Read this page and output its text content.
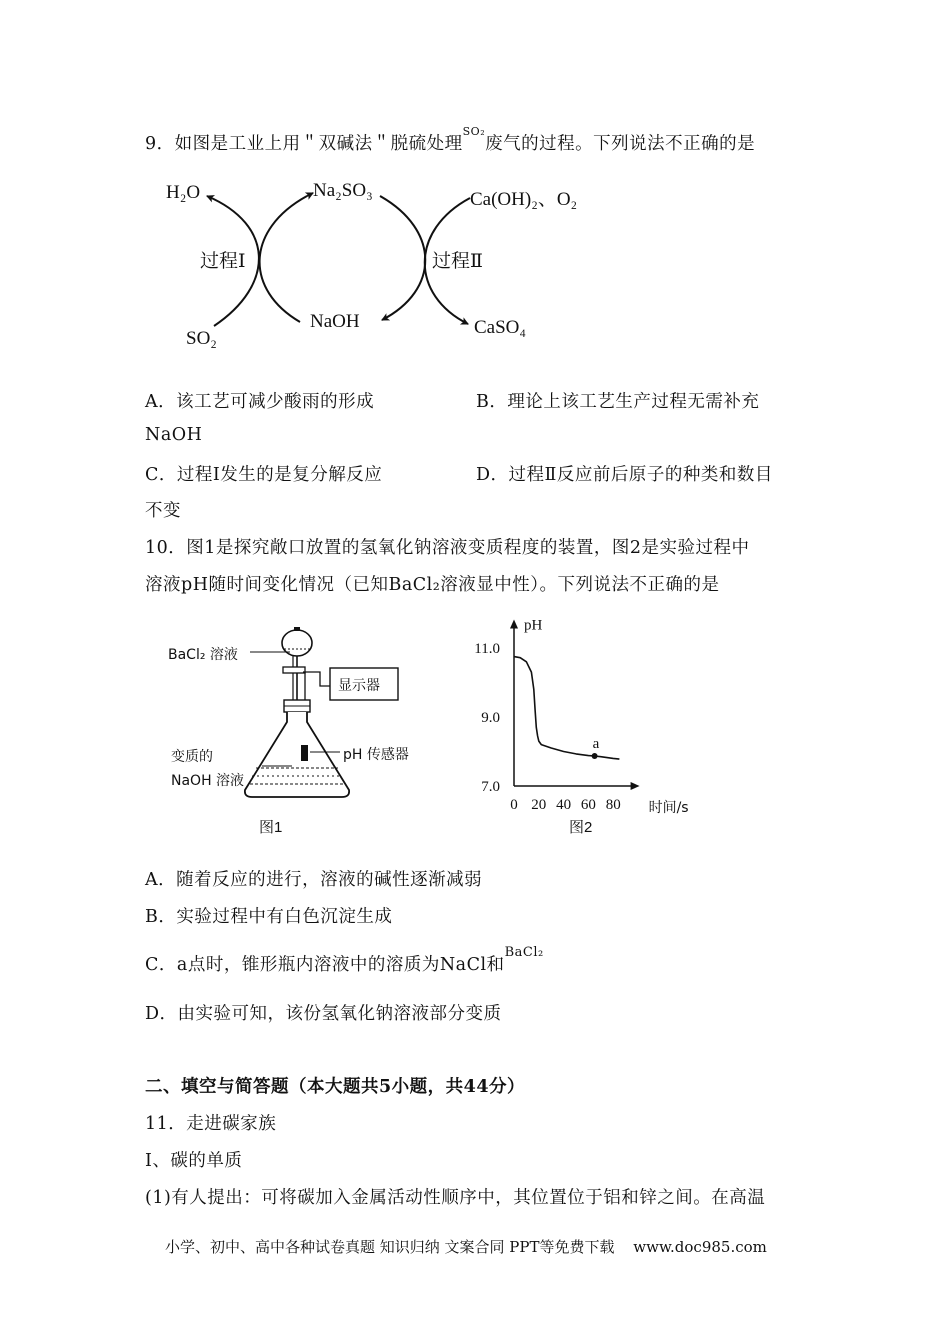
9．如图是工业上用＂双碱法＂脱硫处理$^{SO_2}$废气的过程。下列说法不正确的是
H₂O	Na₂SO₃	Ca(OH)₂、O₂
过程Ⅰ	过程Ⅱ
SO₂
NaOH	CaSO₄
A．该工艺可减少酸雨的形成	B．理论上该工艺生产过程无需补充
NaOH
C．过程Ⅰ发生的是复分解反应	D．过程Ⅱ反应前后原子的种类和数目
不变
10．图1是探究敞口放置的氢氧化钠溶液变质程度的装置，图2是实验过程中
溶液pH随时间变化情况（已知BaCl₂溶液显中性）。下列说法不正确的是
BaCl₂ 溶液
显示器
变质的
NaOH 溶液
pH 传感器
图1
pH
时间/s
7.0
9.0
11.0
0 20 40 60 80
a
图2
A．随着反应的进行，溶液的碱性逐渐减弱
B．实验过程中有白色沉淀生成
C．a点时，锥形瓶内溶液中的溶质为NaCl和$^{BaCl_2}$
D．由实验可知，该份氢氧化钠溶液部分变质
二、填空与简答题（本大题共5小题，共44分）
11．走进碳家族
Ⅰ、碳的单质
(1)有人提出：可将碳加入金属活动性顺序中，其位置位于铝和锌之间。在高温
小学、初中、高中各种试卷真题 知识归纳 文案合同 PPT等免费下载 www.doc985.com
